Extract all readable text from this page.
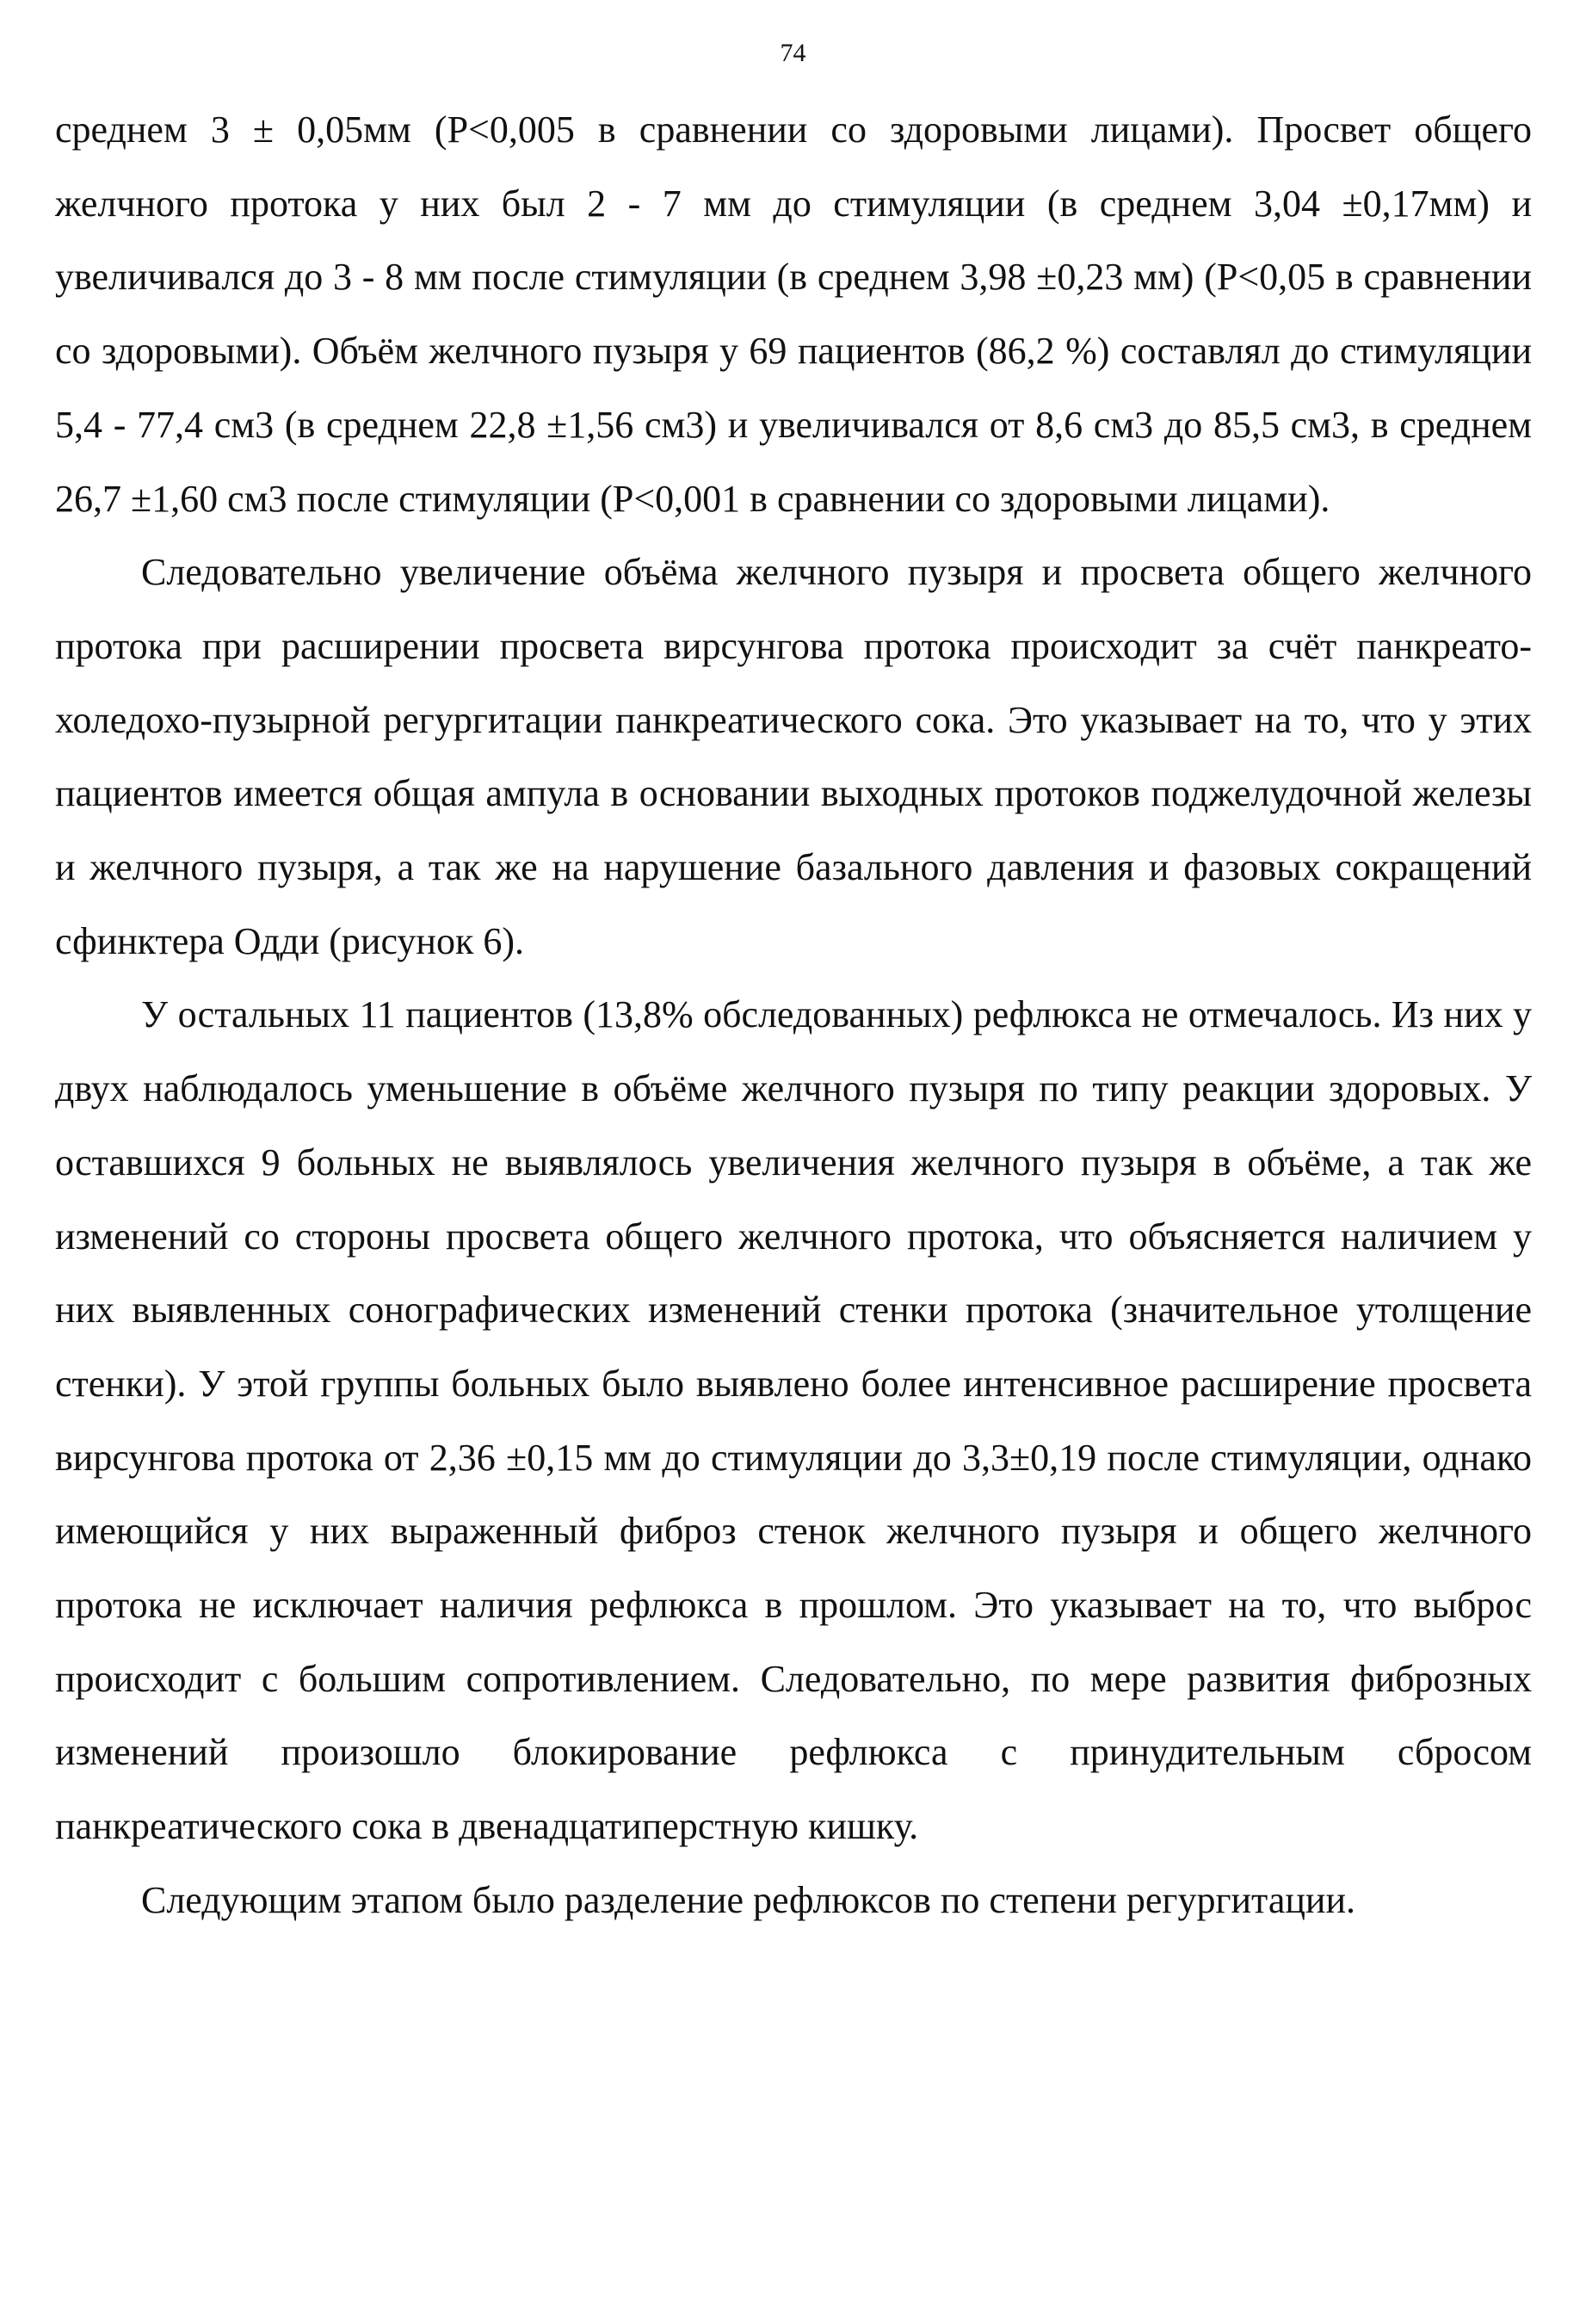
74

среднем 3 ± 0,05мм (P<0,005 в сравнении со здоровыми лицами). Просвет общего желчного протока у них был 2 - 7 мм до стимуляции (в среднем 3,04 ±0,17мм) и увеличивался до 3 - 8 мм после стимуляции (в среднем 3,98 ±0,23 мм) (P<0,05 в сравнении со здоровыми). Объём желчного пузыря у 69 пациентов (86,2 %) составлял до стимуляции 5,4 - 77,4 см3 (в среднем 22,8 ±1,56 см3) и увеличивался от 8,6 см3 до 85,5 см3, в среднем 26,7 ±1,60 см3 после стимуляции (P<0,001 в сравнении со здоровыми лицами).

Следовательно увеличение объёма желчного пузыря и просвета общего желчного протока при расширении просвета вирсунгова протока происходит за счёт панкреато-холедохо-пузырной регургитации панкреатического сока. Это указывает на то, что у этих пациентов имеется общая ампула в основании выходных протоков поджелудочной железы и желчного пузыря, а так же на нарушение базального давления и фазовых сокращений сфинктера Одди (рисунок 6).

У остальных 11 пациентов (13,8% обследованных) рефлюкса не отмечалось. Из них у двух наблюдалось уменьшение в объёме желчного пузыря по типу реакции здоровых. У оставшихся 9 больных не выявлялось увеличения желчного пузыря в объёме, а так же изменений со стороны просвета общего желчного протока, что объясняется наличием у них выявленных сонографических изменений стенки протока (значительное утолщение стенки). У этой группы больных было выявлено более интенсивное расширение просвета вирсунгова протока от 2,36 ±0,15 мм до стимуляции до 3,3±0,19 после стимуляции, однако имеющийся у них выраженный фиброз стенок желчного пузыря и общего желчного протока не исключает наличия рефлюкса в прошлом. Это указывает на то, что выброс происходит с большим сопротивлением. Следовательно, по мере развития фиброзных изменений произошло блокирование рефлюкса с принудительным сбросом панкреатического сока в двенадцатиперстную кишку.

Следующим этапом было разделение рефлюксов по степени регургитации.
